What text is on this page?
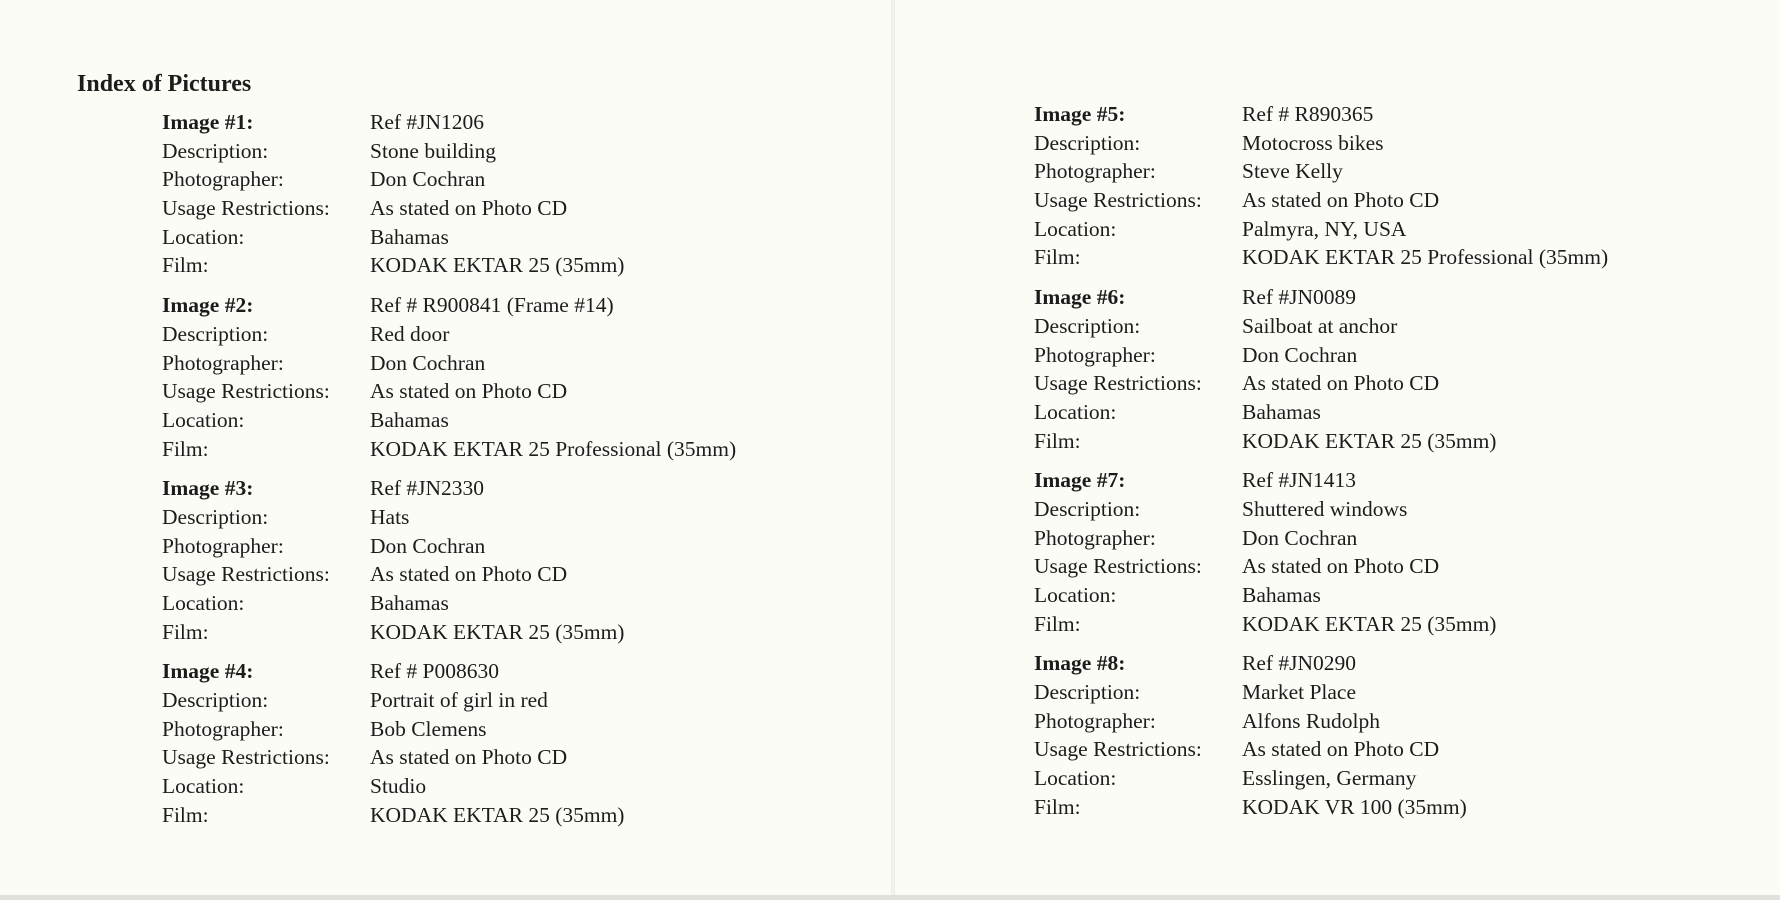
Index of Pictures
Image #1:	Ref #JN1206
Description:	Stone building
Photographer:	Don Cochran
Usage Restrictions:	As stated on Photo CD
Location:	Bahamas
Film:	KODAK EKTAR 25 (35mm)
Image #2:	Ref # R900841 (Frame #14)
Description:	Red door
Photographer:	Don Cochran
Usage Restrictions:	As stated on Photo CD
Location:	Bahamas
Film:	KODAK EKTAR 25 Professional (35mm)
Image #3:	Ref #JN2330
Description:	Hats
Photographer:	Don Cochran
Usage Restrictions:	As stated on Photo CD
Location:	Bahamas
Film:	KODAK EKTAR 25 (35mm)
Image #4:	Ref # P008630
Description:	Portrait of girl in red
Photographer:	Bob Clemens
Usage Restrictions:	As stated on Photo CD
Location:	Studio
Film:	KODAK EKTAR 25 (35mm)
Image #5:	Ref # R890365
Description:	Motocross bikes
Photographer:	Steve Kelly
Usage Restrictions:	As stated on Photo CD
Location:	Palmyra, NY, USA
Film:	KODAK EKTAR 25 Professional (35mm)
Image #6:	Ref #JN0089
Description:	Sailboat at anchor
Photographer:	Don Cochran
Usage Restrictions:	As stated on Photo CD
Location:	Bahamas
Film:	KODAK EKTAR 25 (35mm)
Image #7:	Ref #JN1413
Description:	Shuttered windows
Photographer:	Don Cochran
Usage Restrictions:	As stated on Photo CD
Location:	Bahamas
Film:	KODAK EKTAR 25 (35mm)
Image #8:	Ref #JN0290
Description:	Market Place
Photographer:	Alfons Rudolph
Usage Restrictions:	As stated on Photo CD
Location:	Esslingen, Germany
Film:	KODAK VR 100 (35mm)
